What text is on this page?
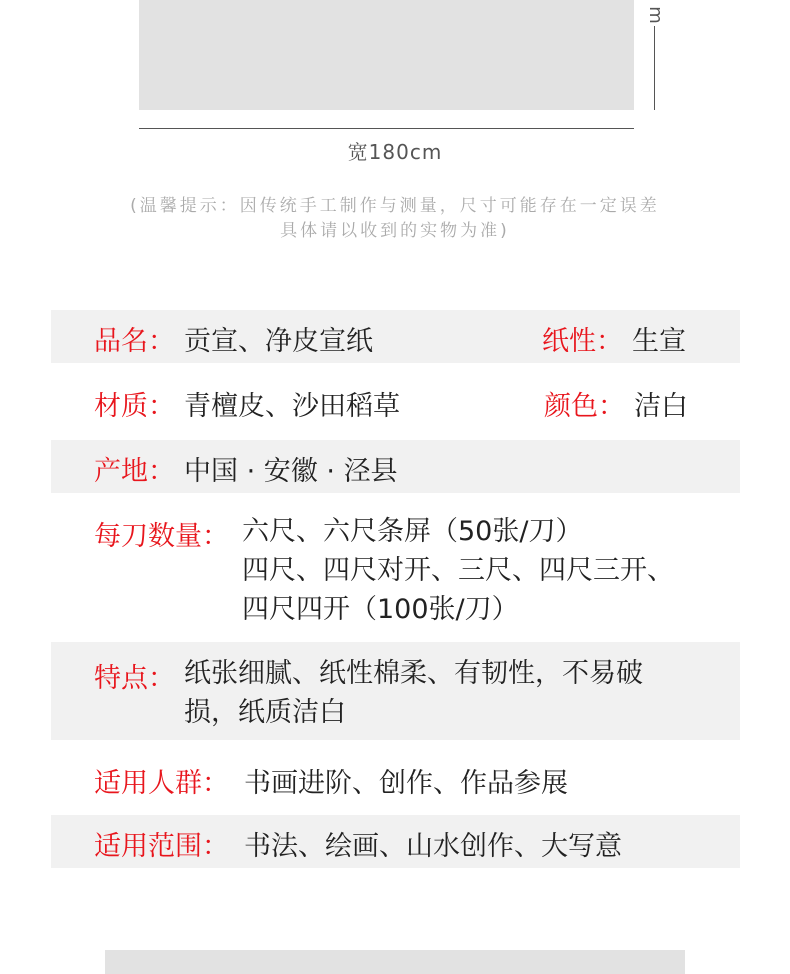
m
宽180cm
(温馨提示：因传统手工制作与测量，尺寸可能存在一定误差
具体请以收到的实物为准)
品名： 贡宣、净皮宣纸	纸性： 生宣
材质： 青檀皮、沙田稻草	颜色： 洁白
产地： 中国 · 安徽 · 泾县
每刀数量： 六尺、六尺条屏（50张/刀）
四尺、四尺对开、三尺、四尺三开、
四尺四开（100张/刀）
特点： 纸张细腻、纸性棉柔、有韧性，不易破
损，纸质洁白
适用人群： 书画进阶、创作、作品参展
适用范围： 书法、绘画、山水创作、大写意
